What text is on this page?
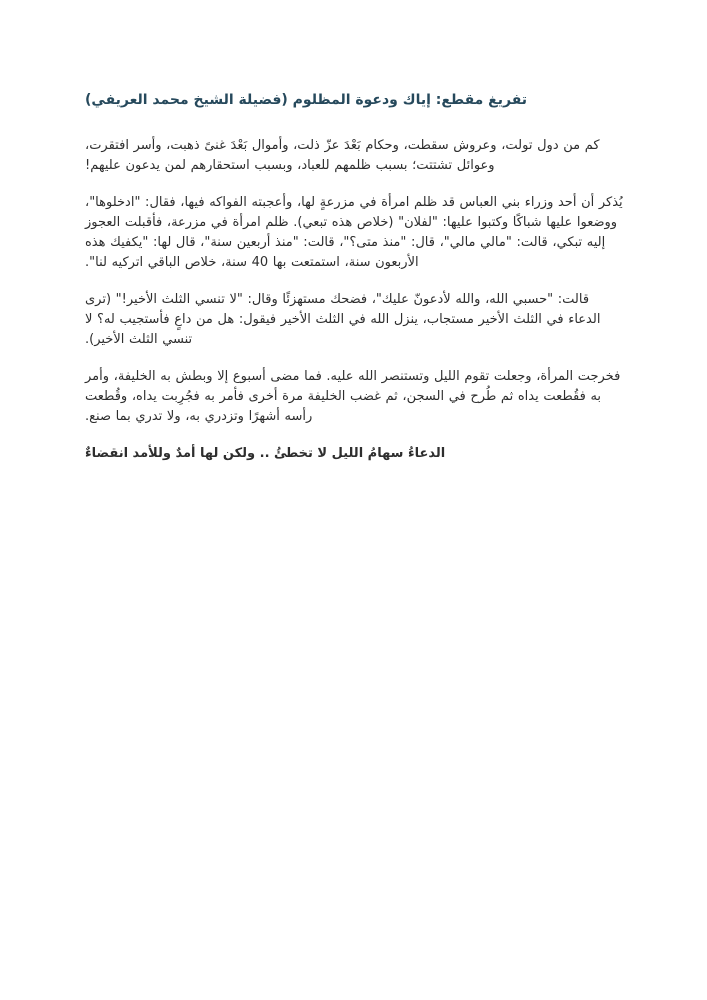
تفريغ مقطع: إياك ودعوة المظلوم (فضيلة الشيخ محمد العريفي)

كم من دول تولت، وعروش سقطت، وحكام بَعْدَ عزّ ذلت، وأموال بَعْدَ غنىً ذهبت، وأسر افتقرت، وعوائل تشتتت؛ بسبب ظلمهم للعباد، وبسبب استحقارهم لمن يدعون عليهم!

يُذكر أن أحد وزراء بني العباس قد ظلم امرأة في مزرعةٍ لها، وأعجبته الفواكه فيها، فقال: "ادخلوها"، ووضعوا عليها شباكًا وكتبوا عليها: "لفلان" (خلاص هذه تبعي). ظلم امرأة في مزرعة، فأقبلت العجوز إليه تبكي، قالت: "مالي مالي"، قال: "منذ متى؟"، قالت: "منذ أربعين سنة"، قال لها: "يكفيك هذه الأربعون سنة، استمتعت بها 40 سنة، خلاص الباقي اتركيه لنا".

قالت: "حسبي الله، والله لأدعونّ عليك"، فضحك مستهزئًا وقال: "لا تنسي الثلث الأخير!" (ترى الدعاء في الثلث الأخير مستجاب، ينزل الله في الثلث الأخير فيقول: هل من داعٍ فأستجيب له؟ لا تنسي الثلث الأخير).

فخرجت المرأة، وجعلت تقوم الليل وتستنصر الله عليه. فما مضى أسبوع إلا وبطش به الخليفة، وأمر به فقُطعت يداه ثم طُرح في السجن، ثم غضب الخليفة مرة أخرى فأمر به فجُرِبت يداه، وقُطعت رأسه أشهرًا وتزدري به، ولا تدري بما صنع.

الدعاءُ سهامُ الليل لا تخطئُ .. ولكن لها أمدٌ وللأمد انقضاءٌ
